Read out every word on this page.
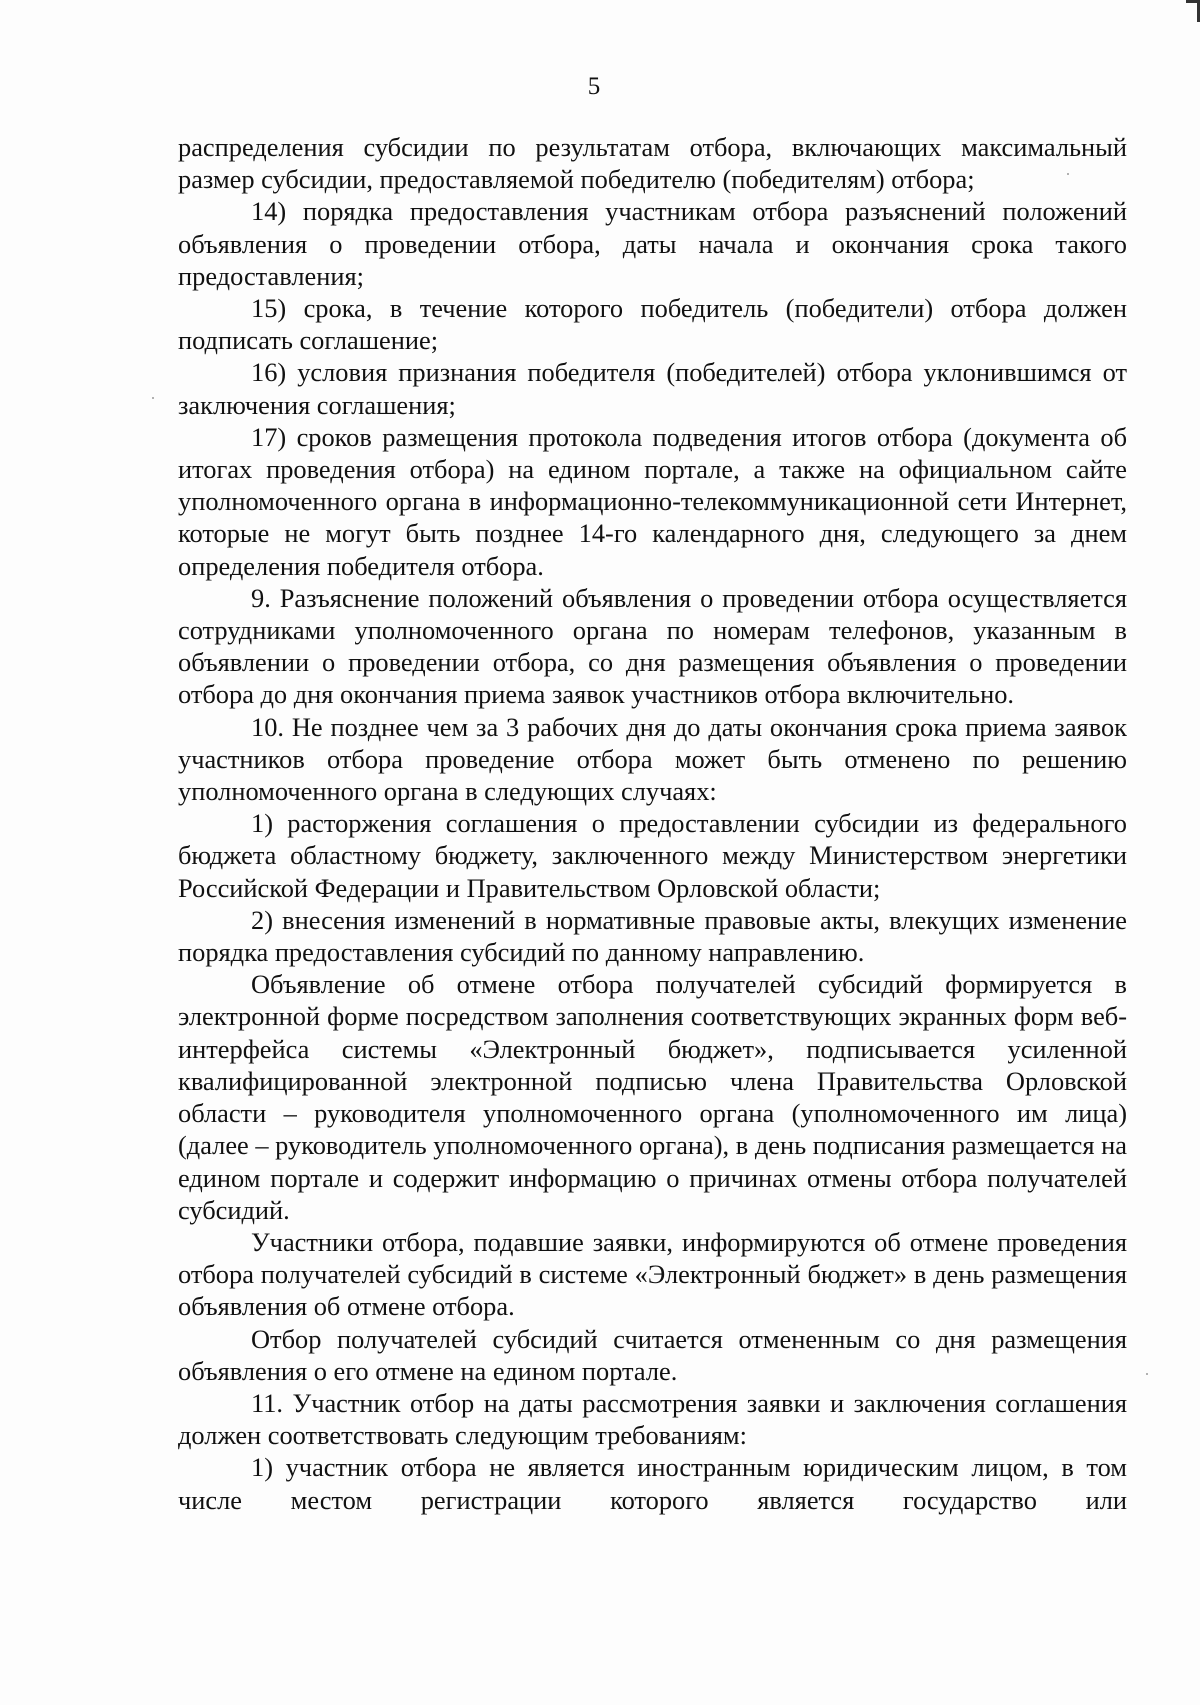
5

распределения субсидии по результатам отбора, включающих максимальный размер субсидии, предоставляемой победителю (победителям) отбора;

14) порядка предоставления участникам отбора разъяснений положений объявления о проведении отбора, даты начала и окончания срока такого предоставления;

15) срока, в течение которого победитель (победители) отбора должен подписать соглашение;

16) условия признания победителя (победителей) отбора уклонившимся от заключения соглашения;

17) сроков размещения протокола подведения итогов отбора (документа об итогах проведения отбора) на едином портале, а также на официальном сайте уполномоченного органа в информационно-телекоммуникационной сети Интернет, которые не могут быть позднее 14-го календарного дня, следующего за днем определения победителя отбора.

9. Разъяснение положений объявления о проведении отбора осуществляется сотрудниками уполномоченного органа по номерам телефонов, указанным в объявлении о проведении отбора, со дня размещения объявления о проведении отбора до дня окончания приема заявок участников отбора включительно.

10. Не позднее чем за 3 рабочих дня до даты окончания срока приема заявок участников отбора проведение отбора может быть отменено по решению уполномоченного органа в следующих случаях:

1) расторжения соглашения о предоставлении субсидии из федерального бюджета областному бюджету, заключенного между Министерством энергетики Российской Федерации и Правительством Орловской области;

2) внесения изменений в нормативные правовые акты, влекущих изменение порядка предоставления субсидий по данному направлению.

Объявление об отмене отбора получателей субсидий формируется в электронной форме посредством заполнения соответствующих экранных форм веб-интерфейса системы «Электронный бюджет», подписывается усиленной квалифицированной электронной подписью члена Правительства Орловской области – руководителя уполномоченного органа (уполномоченного им лица) (далее – руководитель уполномоченного органа), в день подписания размещается на едином портале и содержит информацию о причинах отмены отбора получателей субсидий.

Участники отбора, подавшие заявки, информируются об отмене проведения отбора получателей субсидий в системе «Электронный бюджет» в день размещения объявления об отмене отбора.

Отбор получателей субсидий считается отмененным со дня размещения объявления о его отмене на едином портале.

11. Участник отбор на даты рассмотрения заявки и заключения соглашения должен соответствовать следующим требованиям:

1) участник отбора не является иностранным юридическим лицом, в том числе местом регистрации которого является государство или
